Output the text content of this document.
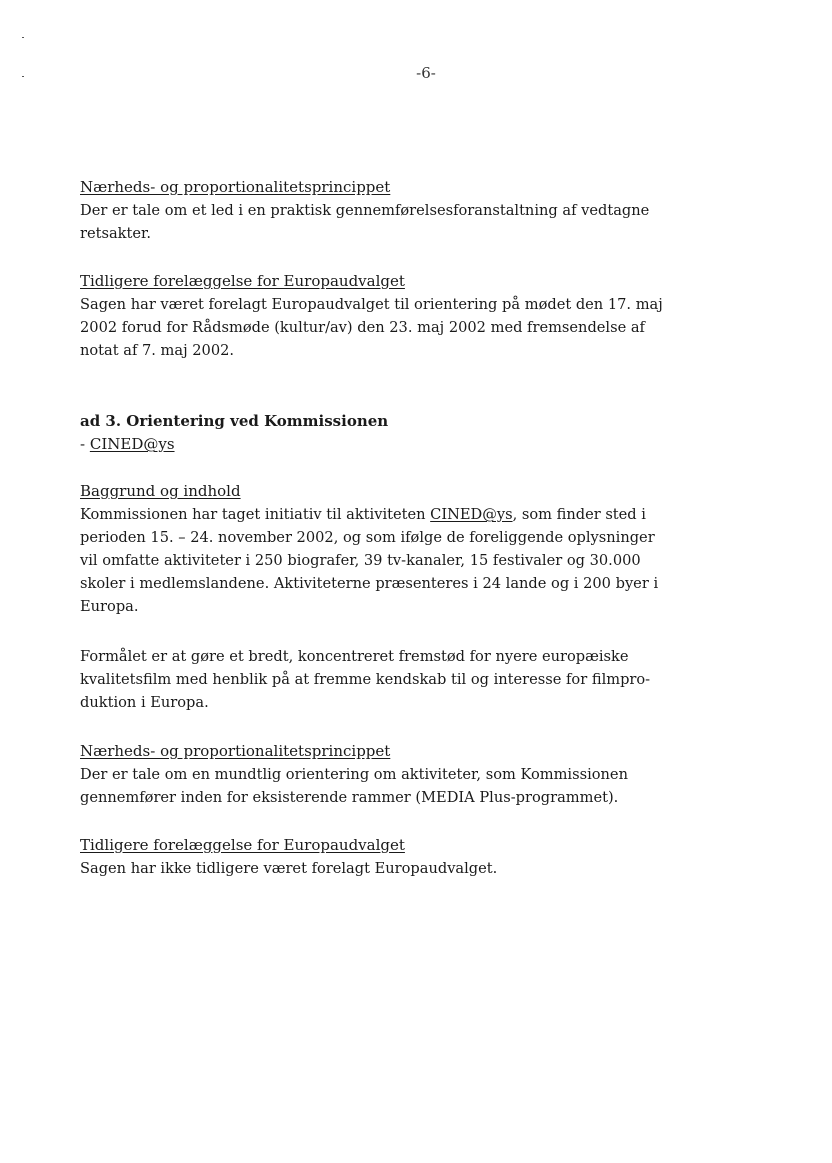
-6-

Nærheds- og proportionalitetsprincippet

Der er tale om et led i en praktisk gennemførelsesforanstaltning af vedtagne
retsakter.

Tidligere forelæggelse for Europaudvalget

Sagen har været forelagt Europaudvalget til orientering på mødet den 17. maj
2002 forud for Rådsmøde (kultur/av) den 23. maj 2002 med fremsendelse af
notat af 7. maj 2002.

ad 3. Orientering ved Kommissionen

- CINED@ys

Baggrund og indhold

Kommissionen har taget initiativ til aktiviteten CINED@ys, som finder sted i
perioden 15. – 24. november 2002, og som ifølge de foreliggende oplysninger
vil omfatte aktiviteter i 250 biografer, 39 tv-kanaler, 15 festivaler og 30.000
skoler i medlemslandene. Aktiviteterne præsenteres i 24 lande og i 200 byer i
Europa.

Formålet er at gøre et bredt, koncentreret fremstød for nyere europæiske
kvalitetsfilm med henblik på at fremme kendskab til og interesse for filmpro-
duktion i Europa.

Nærheds- og proportionalitetsprincippet

Der er tale om en mundtlig orientering om aktiviteter, som Kommissionen
gennemfører inden for eksisterende rammer (MEDIA Plus-programmet).

Tidligere forelæggelse for Europaudvalget

Sagen har ikke tidligere været forelagt Europaudvalget.
